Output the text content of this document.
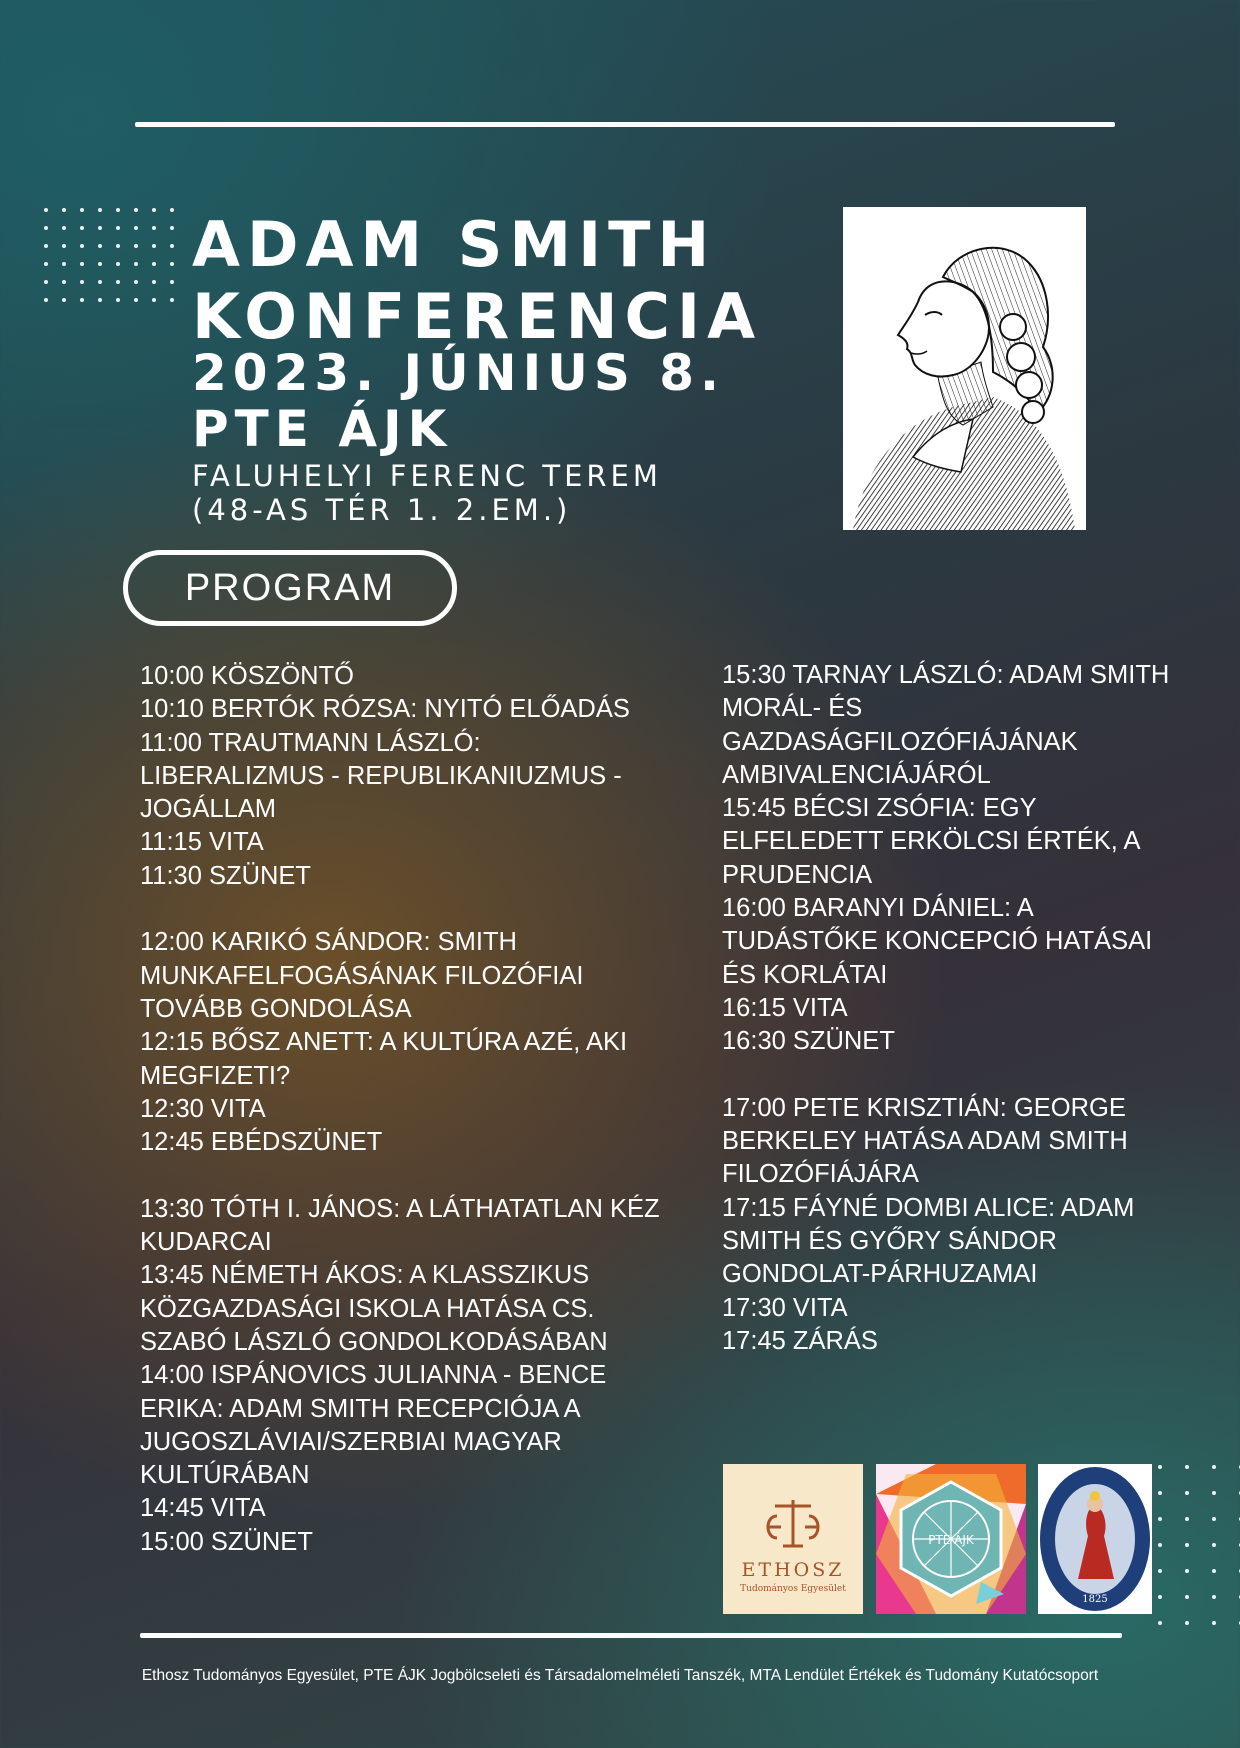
ADAM SMITH
KONFERENCIA
2023. JÚNIUS 8.
PTE ÁJK
FALUHELYI FERENC TEREM
(48-AS TÉR 1. 2.EM.)
PROGRAM
10:00 KÖSZÖNTŐ
10:10 BERTÓK RÓZSA: NYITÓ ELŐADÁS
11:00 TRAUTMANN LÁSZLÓ:
LIBERALIZMUS - REPUBLIKANIUZMUS -
JOGÁLLAM
11:15 VITA
11:30 SZÜNET
12:00 KARIKÓ SÁNDOR: SMITH
MUNKAFELFOGÁSÁNAK FILOZÓFIAI
TOVÁBB GONDOLÁSA
12:15 BŐSZ ANETT: A KULTÚRA AZÉ, AKI
MEGFIZETI?
12:30 VITA
12:45 EBÉDSZÜNET
13:30 TÓTH I. JÁNOS: A LÁTHATATLAN KÉZ
KUDARCAI
13:45 NÉMETH ÁKOS: A KLASSZIKUS
KÖZGAZDASÁGI ISKOLA HATÁSA CS.
SZABÓ LÁSZLÓ GONDOLKODÁSÁBAN
14:00 ISPÁNOVICS JULIANNA - BENCE
ERIKA: ADAM SMITH RECEPCIÓJA A
JUGOSZLÁVIAI/SZERBIAI MAGYAR
KULTÚRÁBAN
14:45 VITA
15:00 SZÜNET
15:30 TARNAY LÁSZLÓ: ADAM SMITH
MORÁL- ÉS
GAZDASÁGFILOZÓFIÁJÁNAK
AMBIVALENCIÁJÁRÓL
15:45 BÉCSI ZSÓFIA: EGY
ELFELEDETT ERKÖLCSI ÉRTÉK, A
PRUDENCIA
16:00 BARANYI DÁNIEL: A
TUDÁSTŐKE KONCEPCIÓ HATÁSAI
ÉS KORLÁTAI
16:15 VITA
16:30 SZÜNET
17:00 PETE KRISZTIÁN: GEORGE
BERKELEY HATÁSA ADAM SMITH
FILOZÓFIÁJÁRA
17:15 FÁYNÉ DOMBI ALICE: ADAM
SMITH ÉS GYŐRY SÁNDOR
GONDOLAT-PÁRHUZAMAI
17:30 VITA
17:45 ZÁRÁS
ETHOSZ
Tudományos Egyesület
PTE ÁJK
1825
Ethosz Tudományos Egyesület, PTE ÁJK Jogbölcseleti és Társadalomelméleti Tanszék, MTA Lendület Értékek és Tudomány Kutatócsoport
